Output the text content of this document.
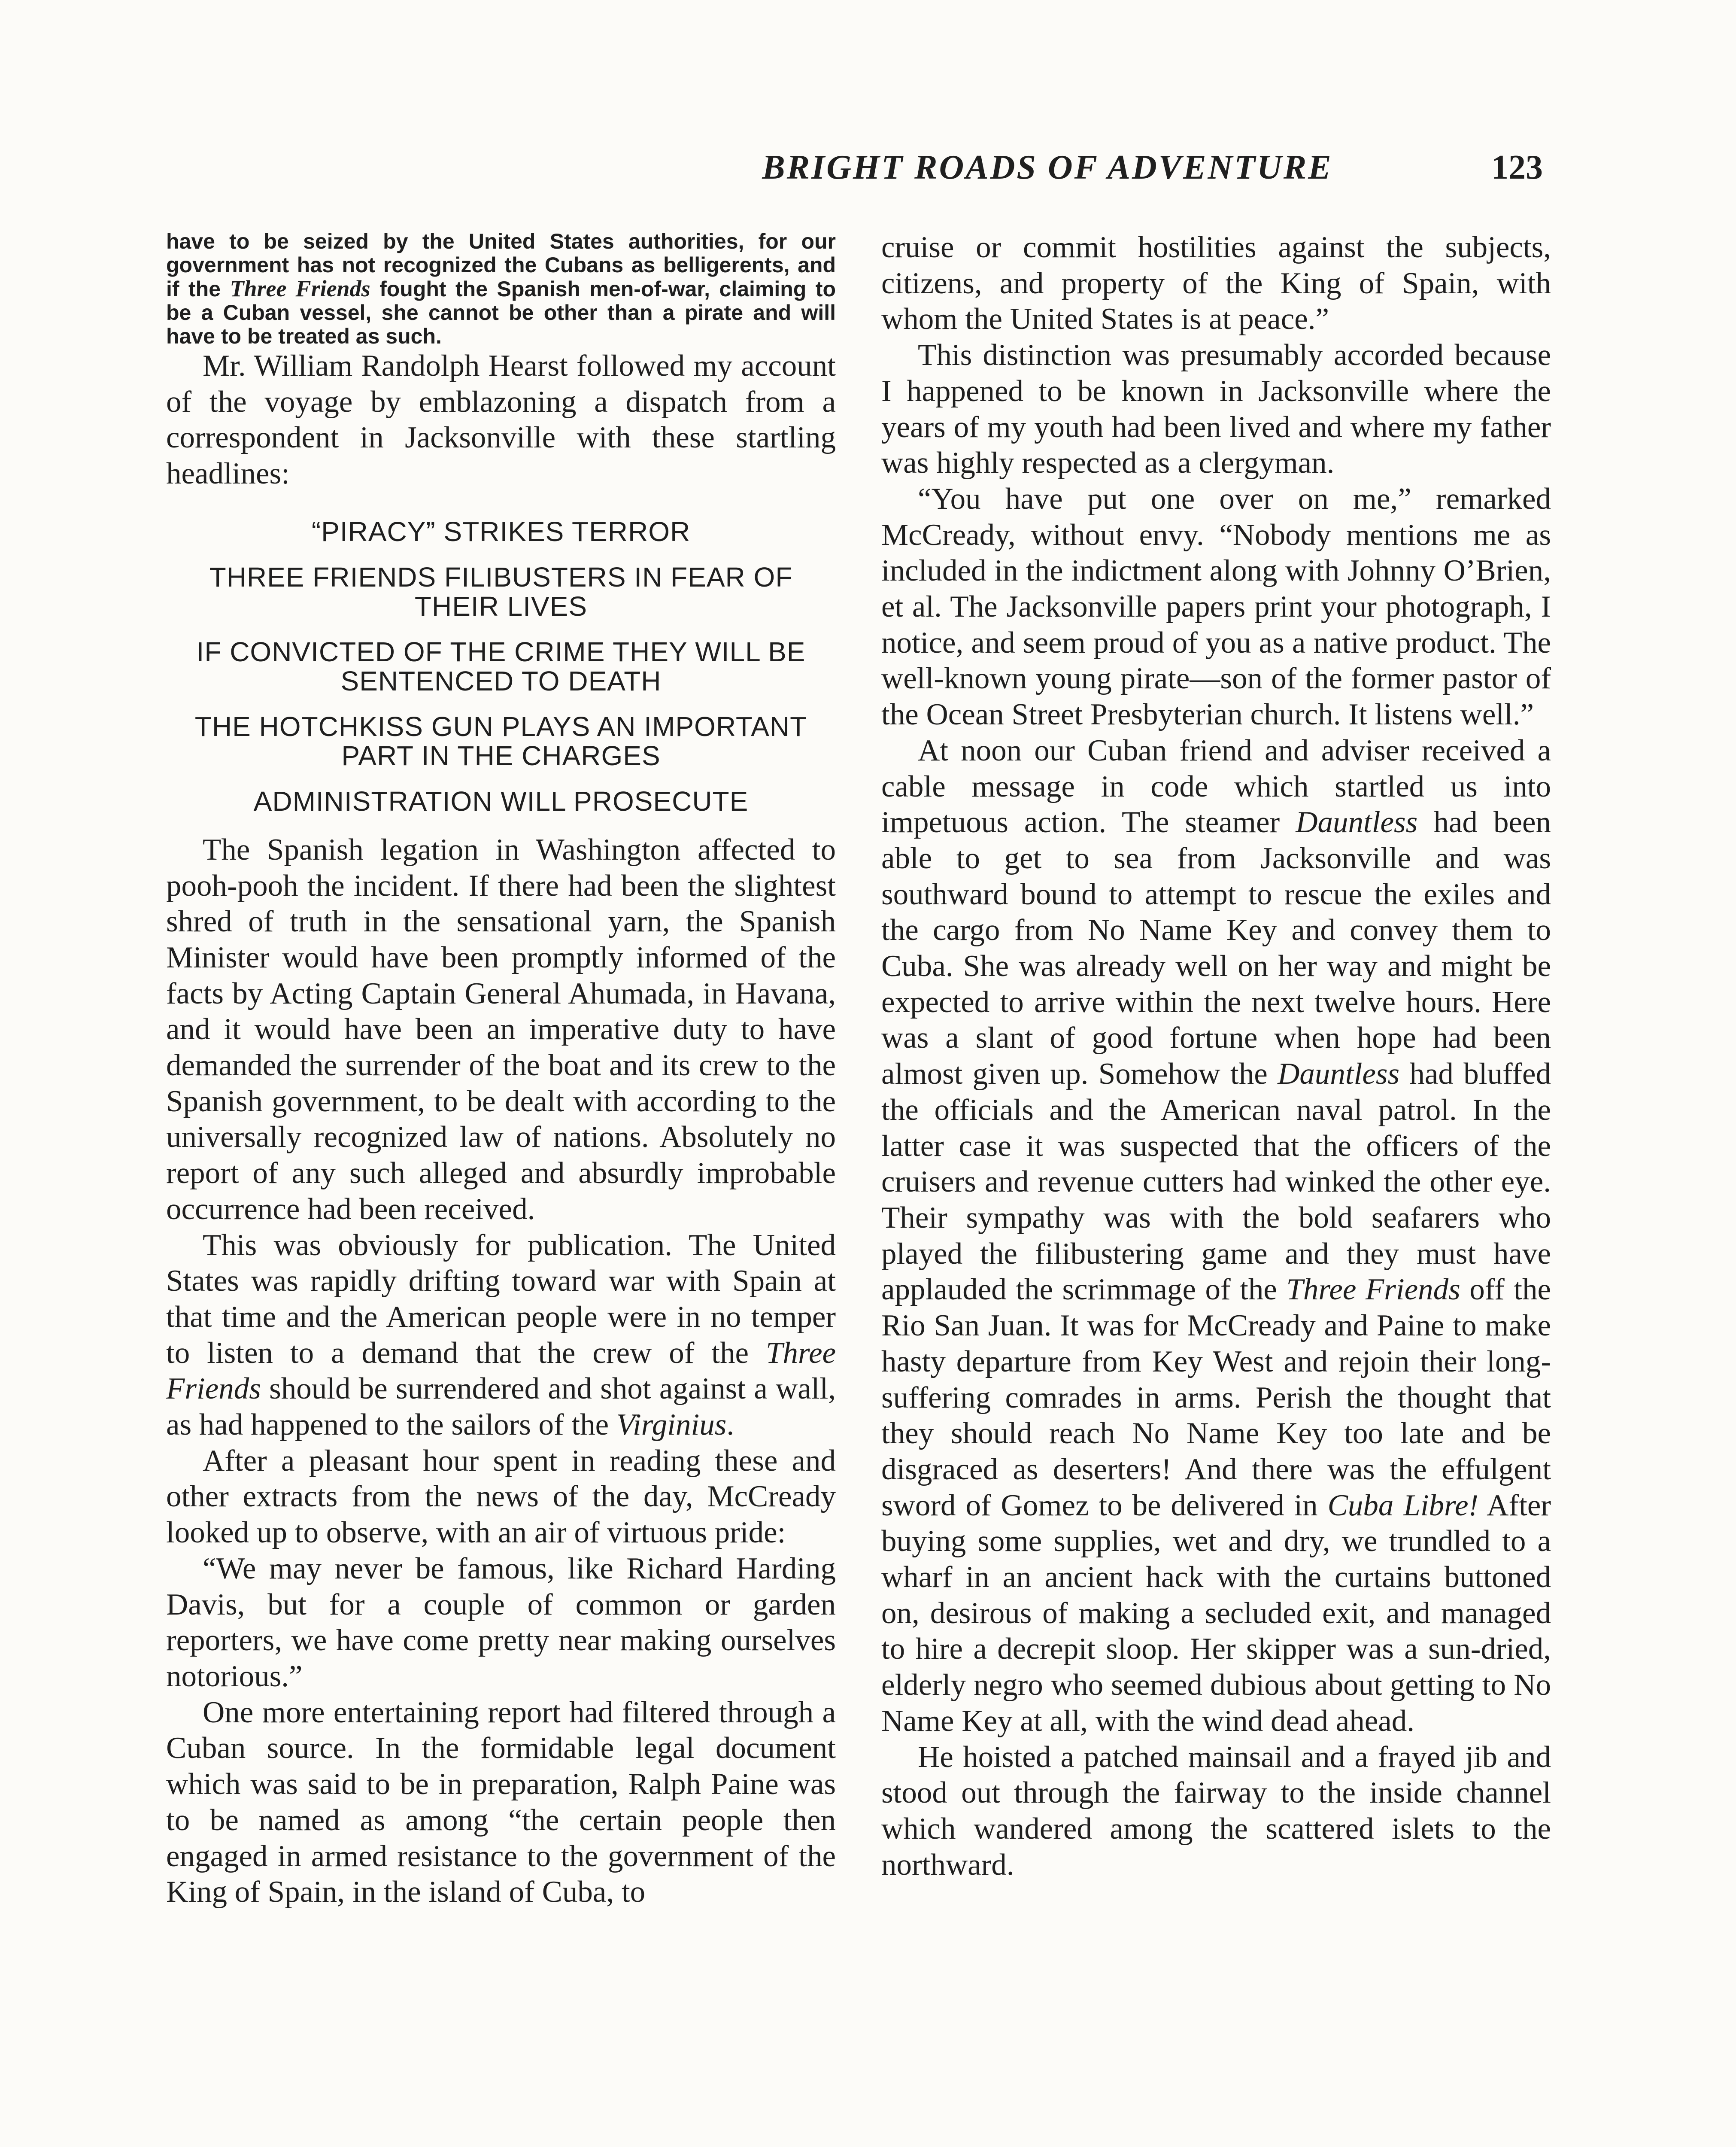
BRIGHT ROADS OF ADVENTURE	123

have to be seized by the United States authorities, for our government has not recognized the Cubans as belligerents, and if the Three Friends fought the Spanish men-of-war, claiming to be a Cuban vessel, she cannot be other than a pirate and will have to be treated as such.

Mr. William Randolph Hearst followed my account of the voyage by emblazoning a dispatch from a correspondent in Jacksonville with these startling headlines:

“PIRACY” STRIKES TERROR
THREE FRIENDS FILIBUSTERS IN FEAR OF THEIR LIVES
IF CONVICTED OF THE CRIME THEY WILL BE SENTENCED TO DEATH
THE HOTCHKISS GUN PLAYS AN IMPORTANT PART IN THE CHARGES
ADMINISTRATION WILL PROSECUTE

The Spanish legation in Washington affected to pooh-pooh the incident. If there had been the slightest shred of truth in the sensational yarn, the Spanish Minister would have been promptly informed of the facts by Acting Captain General Ahumada, in Havana, and it would have been an imperative duty to have demanded the surrender of the boat and its crew to the Spanish government, to be dealt with according to the universally recognized law of nations. Absolutely no report of any such alleged and absurdly improbable occurrence had been received.

This was obviously for publication. The United States was rapidly drifting toward war with Spain at that time and the American people were in no temper to listen to a demand that the crew of the Three Friends should be surrendered and shot against a wall, as had happened to the sailors of the Virginius.

After a pleasant hour spent in reading these and other extracts from the news of the day, McCready looked up to observe, with an air of virtuous pride:

“We may never be famous, like Richard Harding Davis, but for a couple of common or garden reporters, we have come pretty near making ourselves notorious.”

One more entertaining report had filtered through a Cuban source. In the formidable legal document which was said to be in preparation, Ralph Paine was to be named as among “the certain people then engaged in armed resistance to the government of the King of Spain, in the island of Cuba, to

cruise or commit hostilities against the subjects, citizens, and property of the King of Spain, with whom the United States is at peace.”

This distinction was presumably accorded because I happened to be known in Jacksonville where the years of my youth had been lived and where my father was highly respected as a clergyman.

“You have put one over on me,” remarked McCready, without envy. “Nobody mentions me as included in the indictment along with Johnny O’Brien, et al. The Jacksonville papers print your photograph, I notice, and seem proud of you as a native product. The well-known young pirate—son of the former pastor of the Ocean Street Presbyterian church. It listens well.”

At noon our Cuban friend and adviser received a cable message in code which startled us into impetuous action. The steamer Dauntless had been able to get to sea from Jacksonville and was southward bound to attempt to rescue the exiles and the cargo from No Name Key and convey them to Cuba. She was already well on her way and might be expected to arrive within the next twelve hours. Here was a slant of good fortune when hope had been almost given up. Somehow the Dauntless had bluffed the officials and the American naval patrol. In the latter case it was suspected that the officers of the cruisers and revenue cutters had winked the other eye. Their sympathy was with the bold seafarers who played the filibustering game and they must have applauded the scrimmage of the Three Friends off the Rio San Juan. It was for McCready and Paine to make hasty departure from Key West and rejoin their long-suffering comrades in arms. Perish the thought that they should reach No Name Key too late and be disgraced as deserters! And there was the effulgent sword of Gomez to be delivered in Cuba Libre! After buying some supplies, wet and dry, we trundled to a wharf in an ancient hack with the curtains buttoned on, desirous of making a secluded exit, and managed to hire a decrepit sloop. Her skipper was a sun-dried, elderly negro who seemed dubious about getting to No Name Key at all, with the wind dead ahead.

He hoisted a patched mainsail and a frayed jib and stood out through the fairway to the inside channel which wandered among the scattered islets to the northward.
